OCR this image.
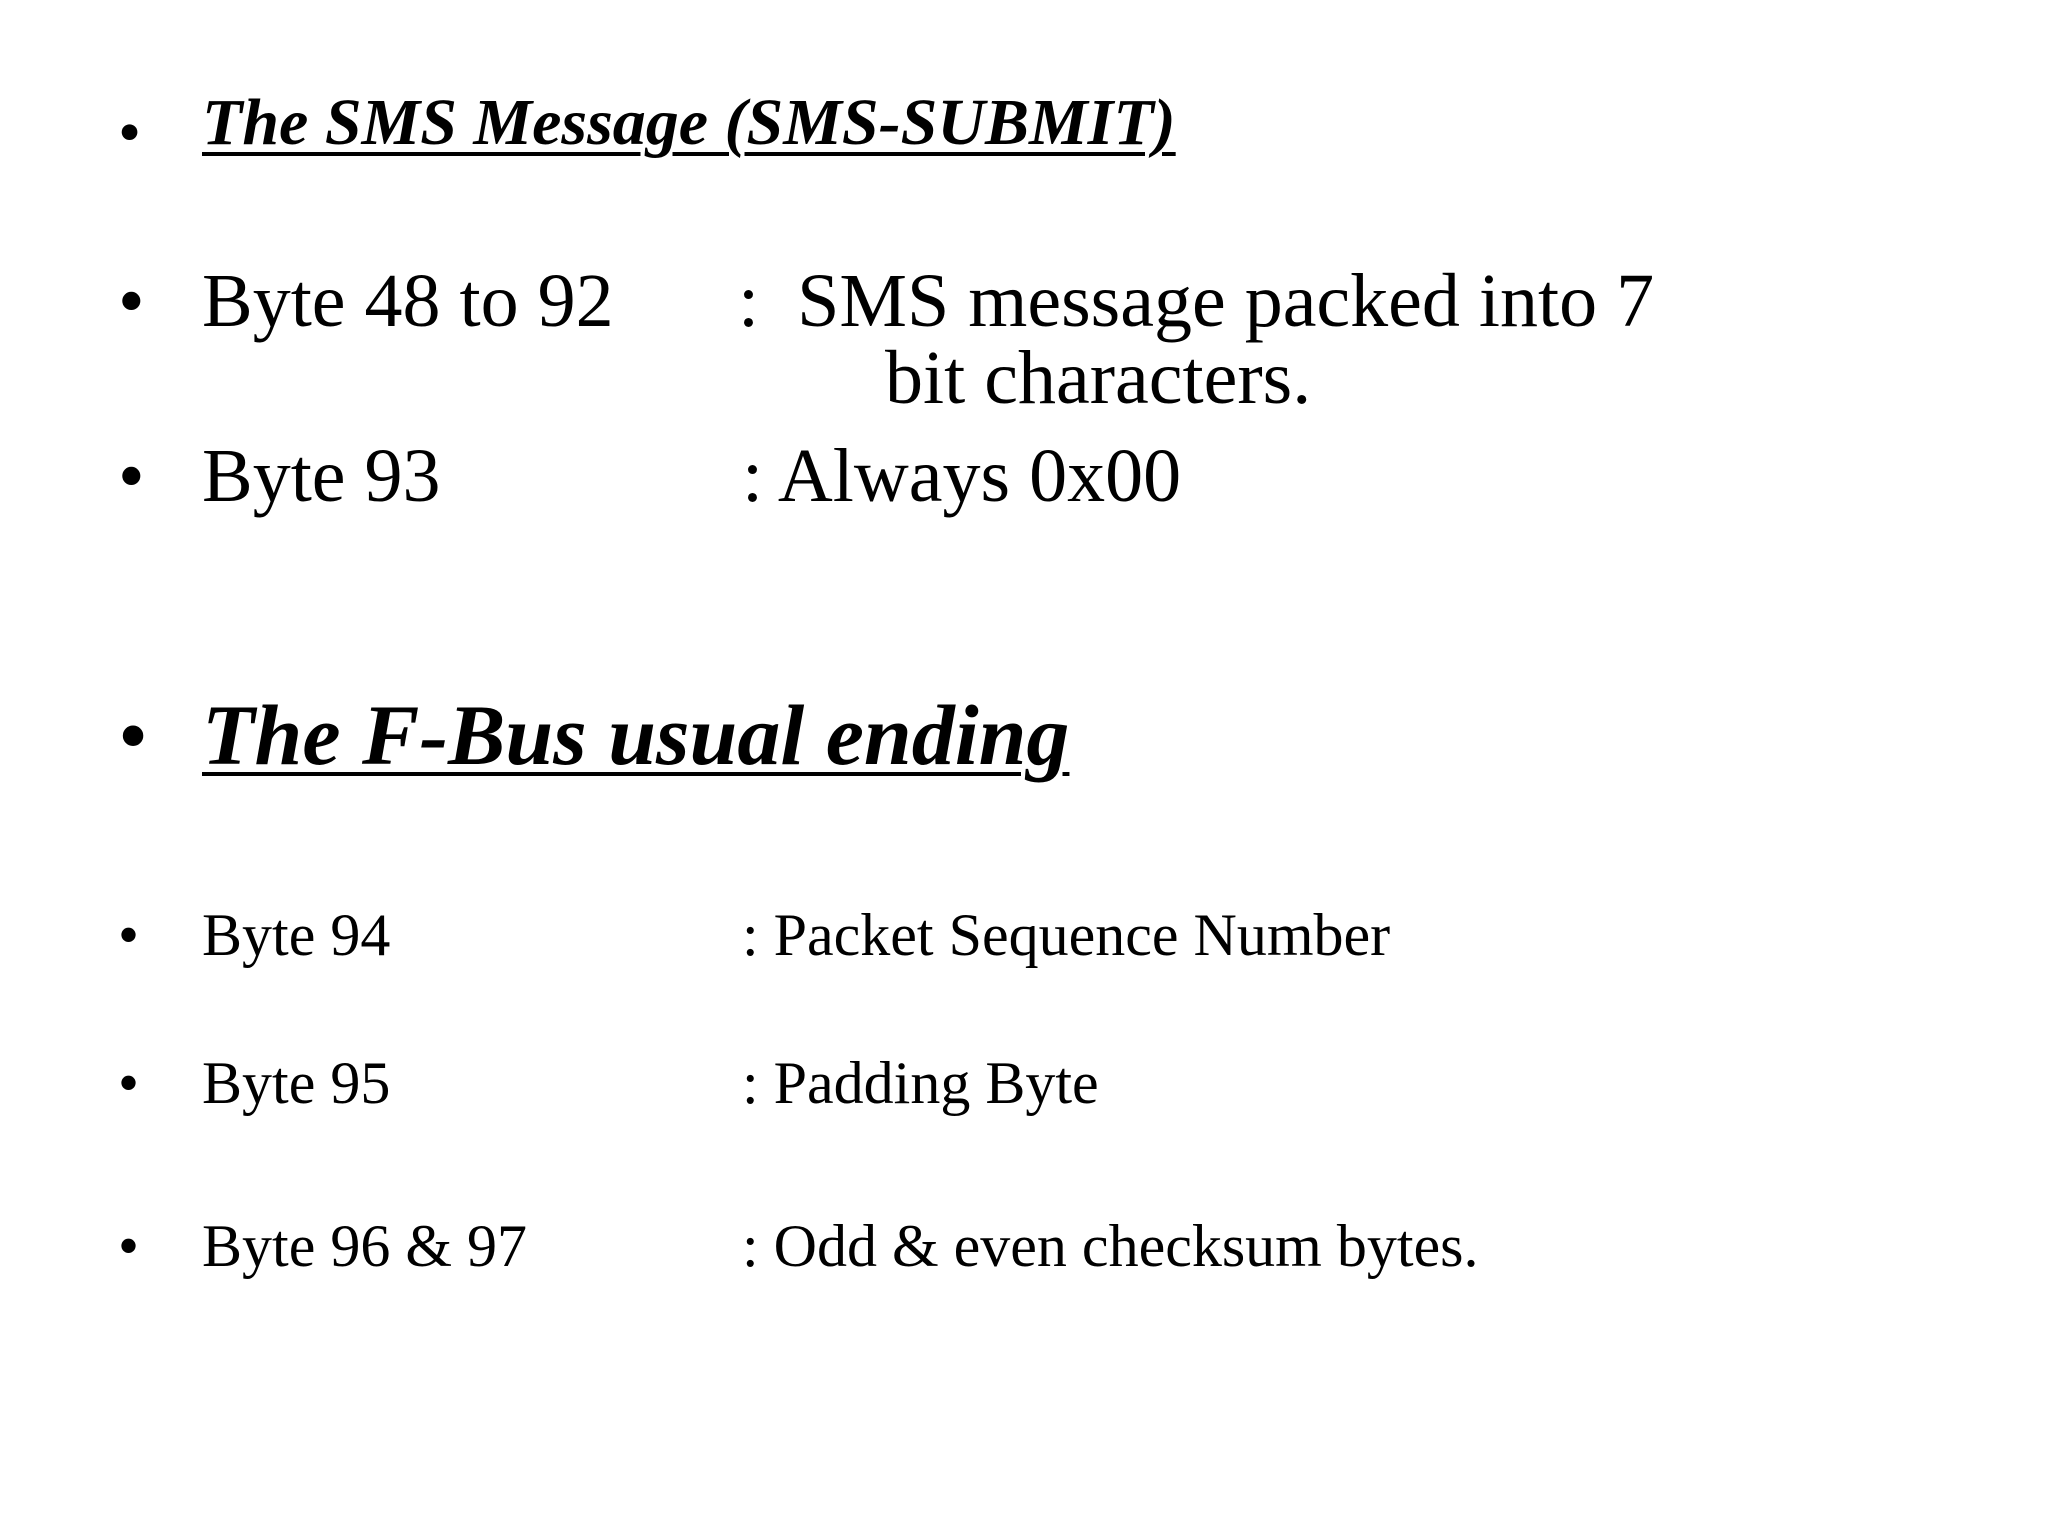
• The SMS Message (SMS-SUBMIT)
• Byte 48 to 92 :  SMS message packed into 7
bit characters.
• Byte 93	: Always 0x00
• The F-Bus usual ending
• Byte 94	: Packet Sequence Number
• Byte 95	: Padding Byte
• Byte 96 & 97	: Odd & even checksum bytes.
